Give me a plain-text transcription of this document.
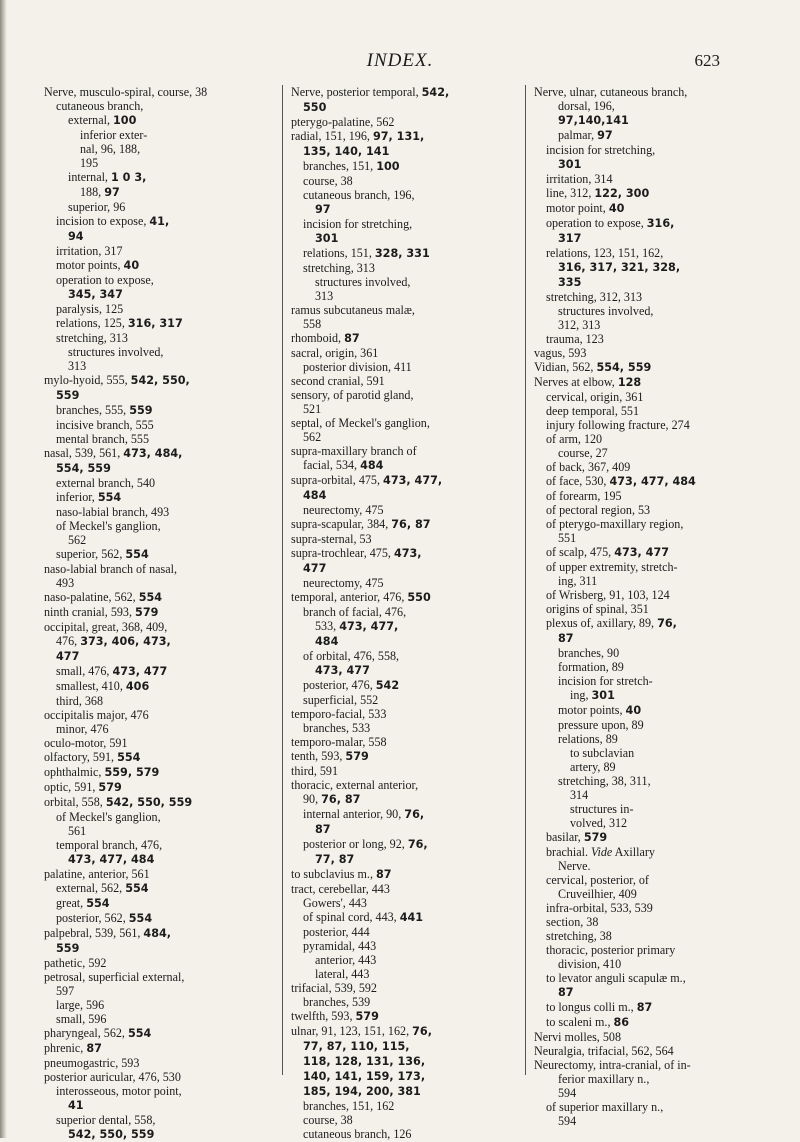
INDEX.	623
Nerve, musculo-spiral, course, 38
cutaneous branch,
external, 100
inferior exter-
nal, 96, 188,
195
internal, 1 0 3,
188, 97
superior, 96
incision to expose, 41,
94
irritation, 317
motor points, 40
operation to expose,
345, 347
paralysis, 125
relations, 125, 316, 317
stretching, 313
structures involved,
313
mylo-hyoid, 555, 542, 550,
559
branches, 555, 559
incisive branch, 555
mental branch, 555
nasal, 539, 561, 473, 484,
554, 559
external branch, 540
inferior, 554
naso-labial branch, 493
of Meckel's ganglion,
562
superior, 562, 554
naso-labial branch of nasal,
493
naso-palatine, 562, 554
ninth cranial, 593, 579
occipital, great, 368, 409,
476, 373, 406, 473,
477
small, 476, 473, 477
smallest, 410, 406
third, 368
occipitalis major, 476
minor, 476
oculo-motor, 591
olfactory, 591, 554
ophthalmic, 559, 579
optic, 591, 579
orbital, 558, 542, 550, 559
of Meckel's ganglion,
561
temporal branch, 476,
473, 477, 484
palatine, anterior, 561
external, 562, 554
great, 554
posterior, 562, 554
palpebral, 539, 561, 484,
559
pathetic, 592
petrosal, superficial external,
597
large, 596
small, 596
pharyngeal, 562, 554
phrenic, 87
pneumogastric, 593
posterior auricular, 476, 530
interosseous, motor point,
41
superior dental, 558,
542, 550, 559
Nerve, posterior temporal, 542,
550
pterygo-palatine, 562
radial, 151, 196, 97, 131,
135, 140, 141
branches, 151, 100
course, 38
cutaneous branch, 196,
97
incision for stretching,
301
relations, 151, 328, 331
stretching, 313
structures involved,
313
ramus subcutaneus malæ,
558
rhomboid, 87
sacral, origin, 361
posterior division, 411
second cranial, 591
sensory, of parotid gland,
521
septal, of Meckel's ganglion,
562
supra-maxillary branch of
facial, 534, 484
supra-orbital, 475, 473, 477,
484
neurectomy, 475
supra-scapular, 384, 76, 87
supra-sternal, 53
supra-trochlear, 475, 473,
477
neurectomy, 475
temporal, anterior, 476, 550
branch of facial, 476,
533, 473, 477,
484
of orbital, 476, 558,
473, 477
posterior, 476, 542
superficial, 552
temporo-facial, 533
branches, 533
temporo-malar, 558
tenth, 593, 579
third, 591
thoracic, external anterior,
90, 76, 87
internal anterior, 90, 76,
87
posterior or long, 92, 76,
77, 87
to subclavius m., 87
tract, cerebellar, 443
Gowers', 443
of spinal cord, 443, 441
posterior, 444
pyramidal, 443
anterior, 443
lateral, 443
trifacial, 539, 592
branches, 539
twelfth, 593, 579
ulnar, 91, 123, 151, 162, 76,
77, 87, 110, 115,
118, 128, 131, 136,
140, 141, 159, 173,
185, 194, 200, 381
branches, 151, 162
course, 38
cutaneous branch, 126
Nerve, ulnar, cutaneous branch,
dorsal, 196,
97,140,141
palmar, 97
incision for stretching,
301
irritation, 314
line, 312, 122, 300
motor point, 40
operation to expose, 316,
317
relations, 123, 151, 162,
316, 317, 321, 328,
335
stretching, 312, 313
structures involved,
312, 313
trauma, 123
vagus, 593
Vidian, 562, 554, 559
Nerves at elbow, 128
cervical, origin, 361
deep temporal, 551
injury following fracture, 274
of arm, 120
course, 27
of back, 367, 409
of face, 530, 473, 477, 484
of forearm, 195
of pectoral region, 53
of pterygo-maxillary region,
551
of scalp, 475, 473, 477
of upper extremity, stretch-
ing, 311
of Wrisberg, 91, 103, 124
origins of spinal, 351
plexus of, axillary, 89, 76,
87
branches, 90
formation, 89
incision for stretch-
ing, 301
motor points, 40
pressure upon, 89
relations, 89
to subclavian
artery, 89
stretching, 38, 311,
314
structures in-
volved, 312
basilar, 579
brachial. Vide Axillary
Nerve.
cervical, posterior, of
Cruveilhier, 409
infra-orbital, 533, 539
section, 38
stretching, 38
thoracic, posterior primary
division, 410
to levator anguli scapulæ m.,
87
to longus colli m., 87
to scaleni m., 86
Nervi molles, 508
Neuralgia, trifacial, 562, 564
Neurectomy, intra-cranial, of in-
ferior maxillary n.,
594
of superior maxillary n.,
594
